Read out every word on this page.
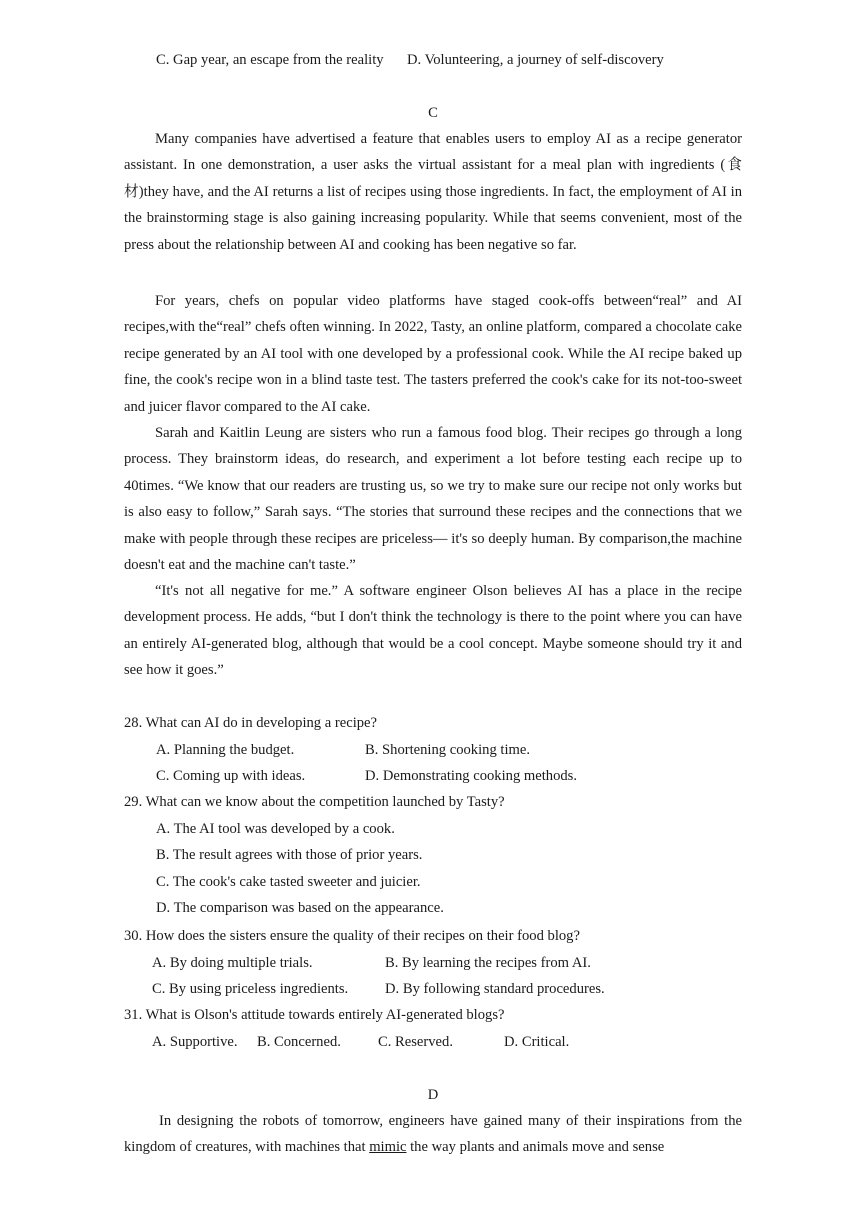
C. Gap year, an escape from the reality D. Volunteering, a journey of self-discovery
C

Many companies have advertised a feature that enables users to employ AI as a recipe generator assistant. In one demonstration, a user asks the virtual assistant for a meal plan with ingredients (食材)they have, and the AI returns a list of recipes using those ingredients. In fact, the employment of AI in the brainstorming stage is also gaining increasing popularity. While that seems convenient, most of the press about the relationship between AI and cooking has been negative so far.

For years, chefs on popular video platforms have staged cook-offs between“real” and AI recipes,with the“real” chefs often winning. In 2022, Tasty, an online platform, compared a chocolate cake recipe generated by an AI tool with one developed by a professional cook. While the AI recipe baked up fine, the cook's recipe won in a blind taste test. The tasters preferred the cook's cake for its not-too-sweet and juicer flavor compared to the AI cake.

Sarah and Kaitlin Leung are sisters who run a famous food blog. Their recipes go through a long process. They brainstorm ideas, do research, and experiment a lot before testing each recipe up to 40times. “We know that our readers are trusting us, so we try to make sure our recipe not only works but is also easy to follow,” Sarah says. “The stories that surround these recipes and the connections that we make with people through these recipes are priceless— it's so deeply human. By comparison,the machine doesn't eat and the machine can't taste.”

“It's not all negative for me.” A software engineer Olson believes AI has a place in the recipe development process. He adds, “but I don't think the technology is there to the point where you can have an entirely AI-generated blog, although that would be a cool concept. Maybe someone should try it and see how it goes.”

28. What can AI do in developing a recipe?
A. Planning the budget.	B. Shortening cooking time.
C. Coming up with ideas.	D. Demonstrating cooking methods.
29. What can we know about the competition launched by Tasty?
A. The AI tool was developed by a cook.
B. The result agrees with those of prior years.
C. The cook's cake tasted sweeter and juicier.
D. The comparison was based on the appearance.
30. How does the sisters ensure the quality of their recipes on their food blog?
A. By doing multiple trials.	B. By learning the recipes from AI.
C. By using priceless ingredients.	D. By following standard procedures.
31. What is Olson's attitude towards entirely AI-generated blogs?
A. Supportive. B. Concerned.	C. Reserved.	D. Critical.
D

In designing the robots of tomorrow, engineers have gained many of their inspirations from the kingdom of creatures, with machines that mimic the way plants and animals move and sense
